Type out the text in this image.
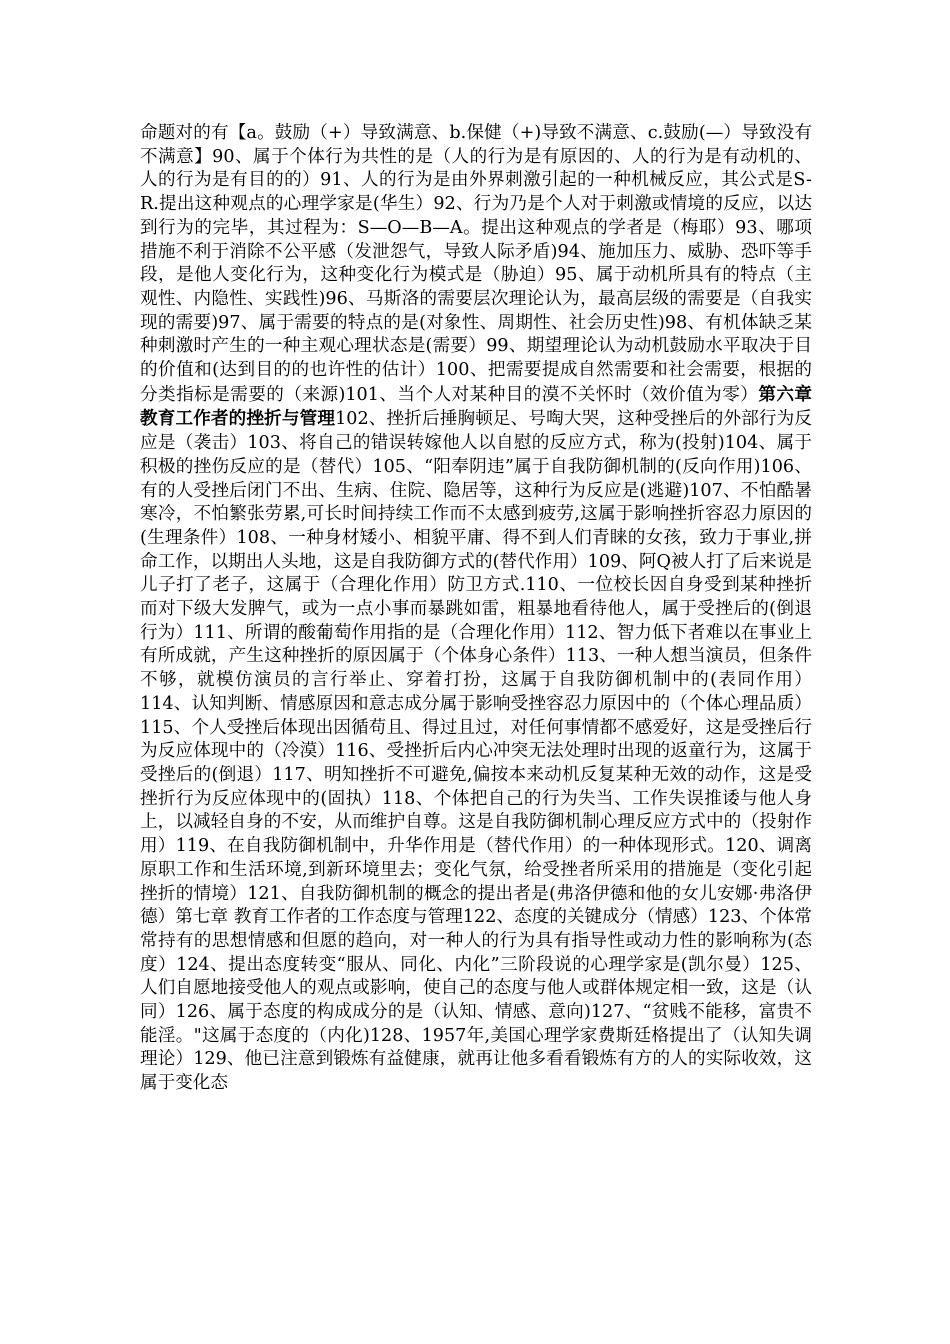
命题对的有【a。鼓励（+）导致满意、b.保健（+)导致不满意、c.鼓励(—）导致没有不满意】90、属于个体行为共性的是（人的行为是有原因的、人的行为是有动机的、人的行为是有目的的）91、人的行为是由外界刺激引起的一种机械反应，其公式是S-R.提出这种观点的心理学家是(华生）92、行为乃是个人对于刺激或情境的反应，以达到行为的完毕，其过程为：S—O—B—A。提出这种观点的学者是（梅耶）93、哪项措施不利于消除不公平感（发泄怨气，导致人际矛盾)94、施加压力、威胁、恐吓等手段，是他人变化行为，这种变化行为模式是（胁迫）95、属于动机所具有的特点（主观性、内隐性、实践性)96、马斯洛的需要层次理论认为，最高层级的需要是（自我实现的需要)97、属于需要的特点的是(对象性、周期性、社会历史性)98、有机体缺乏某种刺激时产生的一种主观心理状态是(需要）99、期望理论认为动机鼓励水平取决于目的价值和(达到目的的也许性的估计）100、把需要提成自然需要和社会需要，根据的分类指标是需要的（来源)101、当个人对某种目的漠不关怀时（效价值为零）第六章 教育工作者的挫折与管理102、挫折后捶胸顿足、号啕大哭，这种受挫后的外部行为反应是（袭击）103、将自己的错误转嫁他人以自慰的反应方式，称为(投射)104、属于积极的挫伤反应的是（替代）105、“阳奉阴违”属于自我防御机制的(反向作用)106、有的人受挫后闭门不出、生病、住院、隐居等，这种行为反应是(逃避)107、不怕酷暑寒冷，不怕繁张劳累,可长时间持续工作而不太感到疲劳,这属于影响挫折容忍力原因的(生理条件）108、一种身材矮小、相貌平庸、得不到人们青睐的女孩，致力于事业,拼命工作，以期出人头地，这是自我防御方式的(替代作用）109、阿Q被人打了后来说是儿子打了老子，这属于（合理化作用）防卫方式.110、一位校长因自身受到某种挫折而对下级大发脾气，或为一点小事而暴跳如雷，粗暴地看待他人，属于受挫后的(倒退行为）111、所谓的酸葡萄作用指的是（合理化作用）112、智力低下者难以在事业上有所成就，产生这种挫折的原因属于（个体身心条件）113、一种人想当演员，但条件不够，就模仿演员的言行举止、穿着打扮，这属于自我防御机制中的(表同作用）114、认知判断、情感原因和意志成分属于影响受挫容忍力原因中的（个体心理品质）115、个人受挫后体现出因循苟且、得过且过，对任何事情都不感爱好，这是受挫后行为反应体现中的（冷漠）116、受挫折后内心冲突无法处理时出现的返童行为，这属于受挫后的(倒退）117、明知挫折不可避免,偏按本来动机反复某种无效的动作，这是受挫折行为反应体现中的(固执）118、个体把自己的行为失当、工作失误推诿与他人身上，以减轻自身的不安，从而维护自尊。这是自我防御机制心理反应方式中的（投射作用）119、在自我防御机制中，升华作用是（替代作用）的一种体现形式。120、调离原职工作和生活环境,到新环境里去；变化气氛，给受挫者所采用的措施是（变化引起挫折的情境）121、自我防御机制的概念的提出者是(弗洛伊德和他的女儿安娜·弗洛伊德）第七章 教育工作者的工作态度与管理122、态度的关键成分（情感）123、个体常常持有的思想情感和但愿的趋向，对一种人的行为具有指导性或动力性的影响称为(态度）124、提出态度转变“服从、同化、内化”三阶段说的心理学家是(凯尔曼）125、人们自愿地接受他人的观点或影响，使自己的态度与他人或群体规定相一致，这是（认同）126、属于态度的构成成分的是（认知、情感、意向)127、“贫贱不能移，富贵不能淫。"这属于态度的（内化)128、1957年,美国心理学家费斯廷格提出了（认知失调理论）129、他已注意到锻炼有益健康，就再让他多看看锻炼有方的人的实际收效，这属于变化态
